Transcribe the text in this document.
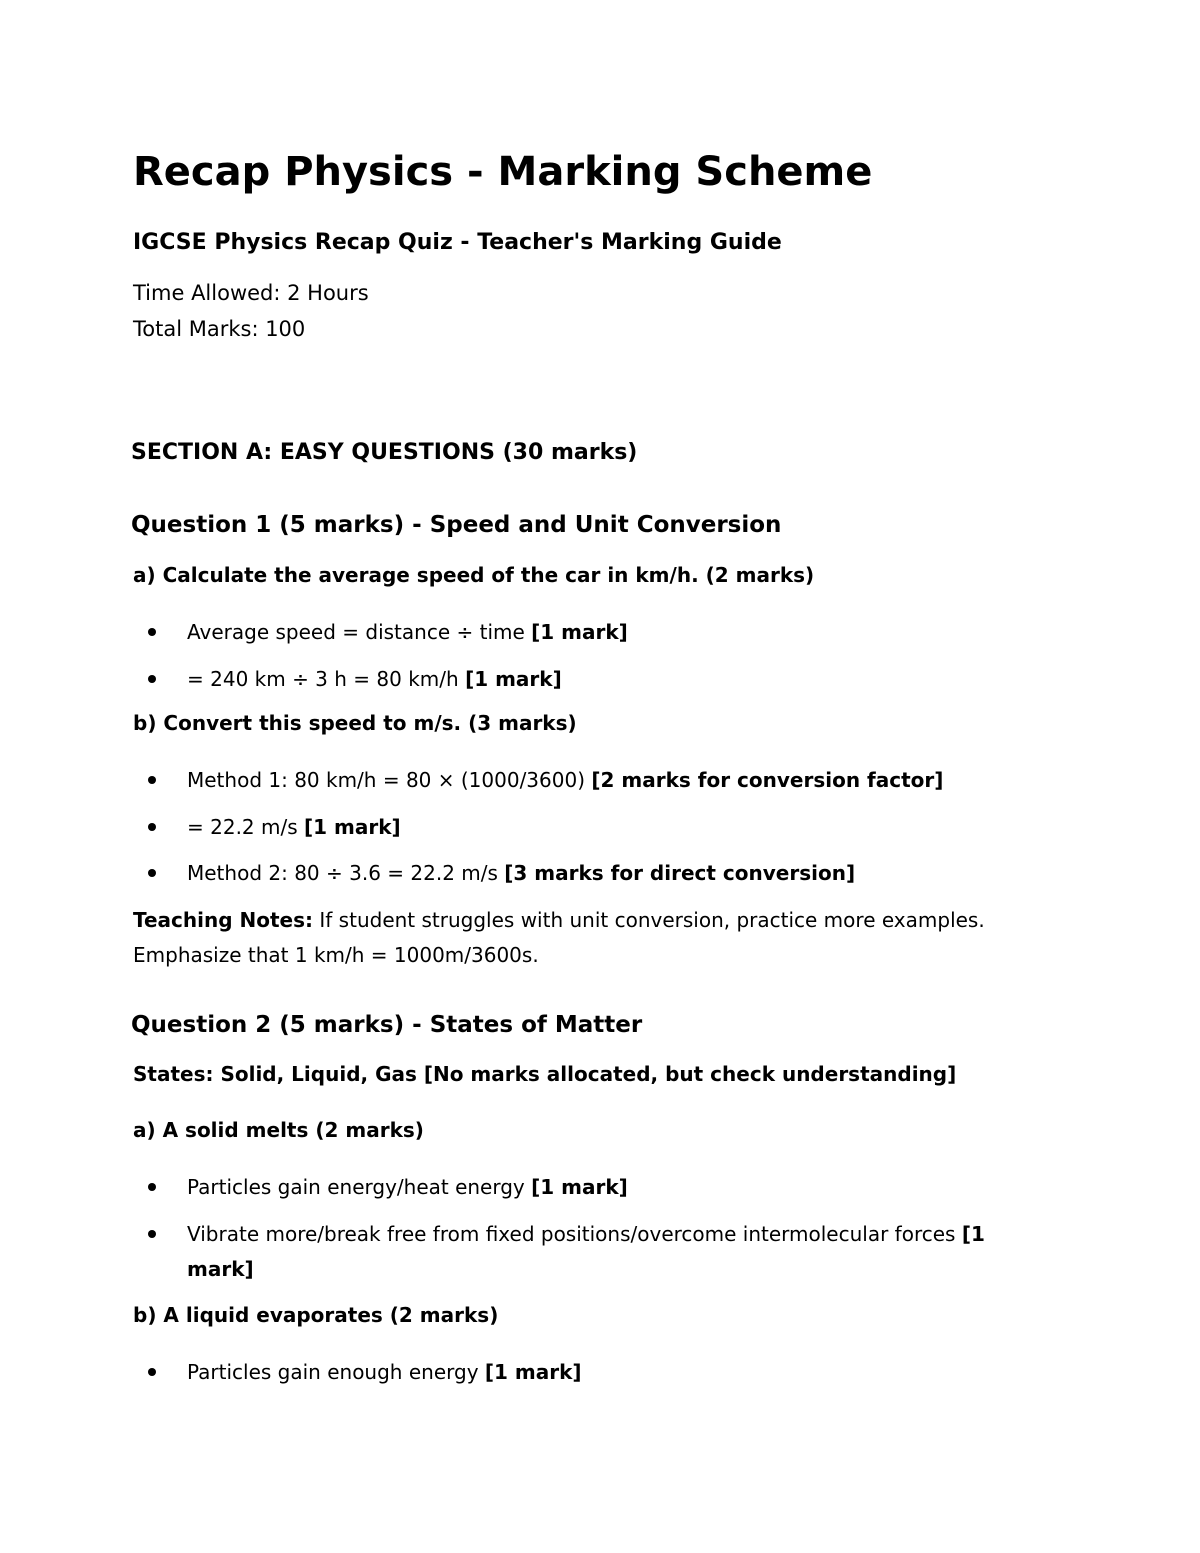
Recap Physics - Marking Scheme
IGCSE Physics Recap Quiz - Teacher's Marking Guide
Time Allowed: 2 Hours
Total Marks: 100
SECTION A: EASY QUESTIONS (30 marks)
Question 1 (5 marks) - Speed and Unit Conversion
a) Calculate the average speed of the car in km/h. (2 marks)
Average speed = distance ÷ time [1 mark]
= 240 km ÷ 3 h = 80 km/h [1 mark]
b) Convert this speed to m/s. (3 marks)
Method 1: 80 km/h = 80 × (1000/3600) [2 marks for conversion factor]
= 22.2 m/s [1 mark]
Method 2: 80 ÷ 3.6 = 22.2 m/s [3 marks for direct conversion]
Teaching Notes: If student struggles with unit conversion, practice more examples.
Emphasize that 1 km/h = 1000m/3600s.
Question 2 (5 marks) - States of Matter
States: Solid, Liquid, Gas [No marks allocated, but check understanding]
a) A solid melts (2 marks)
Particles gain energy/heat energy [1 mark]
Vibrate more/break free from fixed positions/overcome intermolecular forces [1
mark]
b) A liquid evaporates (2 marks)
Particles gain enough energy [1 mark]
